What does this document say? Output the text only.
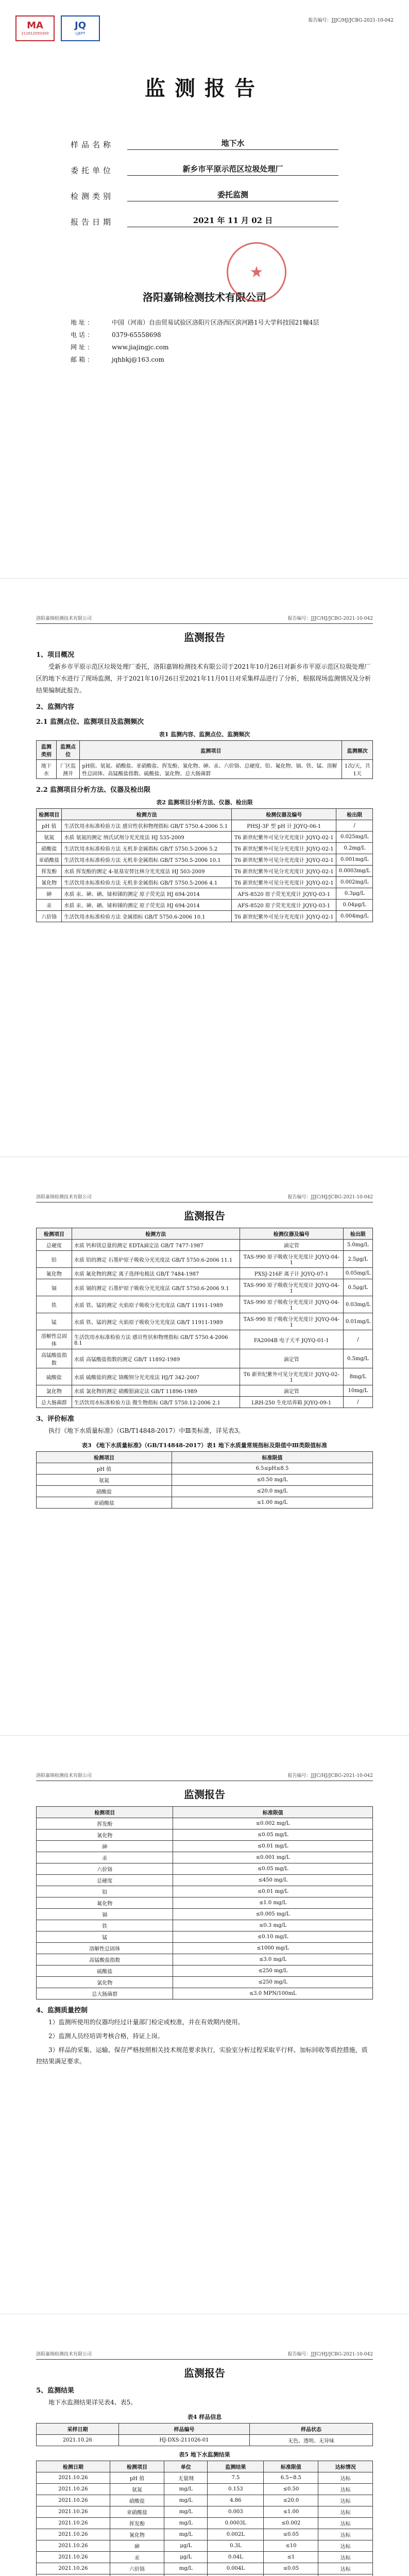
MA
211612050300
JQ
LJEPT
报告编号：JJJC/HJ/JCBG-2021-10-042
监测报告
样品名称	地下水
委托单位	新乡市平原示范区垃圾处理厂
检测类别	委托监测
报告日期	2021 年 11 月 02 日
★
洛阳嘉锦检测技术有限公司
地址：	中国（河南）自由贸易试验区洛阳片区洛西区滨河路1号大学科技园21幢4层
电话：	0379-65558698
网址：	www.jiajingjc.com
邮箱：	jqhbkj@163.com
洛阳嘉锦检测技术有限公司	报告编号：JJJC/HJ/JCBG-2021-10-042
监测报告
1、项目概况
受新乡市平原示范区垃圾处理厂委托，洛阳嘉锦检测技术有限公司于2021年10月26日对新乡市平原示范区垃圾处理厂区的地下水进行了现场监测，并于2021年10月26日至2021年11月01日对采集样品进行了分析，根据现场监测情况及分析结果编制此报告。
2、监测内容
2.1 监测点位、监测项目及监测频次
表1 监测内容、监测点位、监测频次
监测类别	监测点位	监测项目	监测频次
地下水	厂区监测井	pH值、氨氮、硝酸盐、亚硝酸盐、挥发酚、氰化物、砷、汞、六价铬、总硬度、铅、氟化物、镉、铁、锰、溶解性总固体、高锰酸盐指数、硫酸盐、氯化物、总大肠菌群	1次/天，共1天
2.2 监测项目分析方法、仪器及检出限
表2 监测项目分析方法、仪器、检出限
检测项目	检测方法	检测仪器及编号	检出限
pH 值	生活饮用水标准检验方法 感官性状和物理指标 GB/T 5750.4-2006 5.1	PHSJ-3F 型 pH 计 JQYQ-06-1	/
氨氮	水质 氨氮的测定 纳氏试剂分光光度法 HJ 535-2009	T6 新世纪紫外可见分光光度计 JQYQ-02-1	0.025mg/L
硝酸盐	生活饮用水标准检验方法 无机非金属指标 GB/T 5750.5-2006 5.2	T6 新世纪紫外可见分光光度计 JQYQ-02-1	0.2mg/L
亚硝酸盐	生活饮用水标准检验方法 无机非金属指标 GB/T 5750.5-2006 10.1	T6 新世纪紫外可见分光光度计 JQYQ-02-1	0.001mg/L
挥发酚	水质 挥发酚的测定 4-氨基安替比林分光光度法 HJ 503-2009	T6 新世纪紫外可见分光光度计 JQYQ-02-1	0.0003mg/L
氰化物	生活饮用水标准检验方法 无机非金属指标 GB/T 5750.5-2006 4.1	T6 新世纪紫外可见分光光度计 JQYQ-02-1	0.002mg/L
砷	水质 汞、砷、硒、铋和锑的测定 原子荧光法 HJ 694-2014	AFS-8520 原子荧光光度计 JQYQ-03-1	0.3μg/L
汞	水质 汞、砷、硒、铋和锑的测定 原子荧光法 HJ 694-2014	AFS-8520 原子荧光光度计 JQYQ-03-1	0.04μg/L
六价铬	生活饮用水标准检验方法 金属指标 GB/T 5750.6-2006 10.1	T6 新世纪紫外可见分光光度计 JQYQ-02-1	0.004mg/L
洛阳嘉锦检测技术有限公司	报告编号：JJJC/HJ/JCBG-2021-10-042
监测报告
检测项目	检测方法	检测仪器及编号	检出限
总硬度	水质 钙和镁总量的测定 EDTA滴定法 GB/T 7477-1987	滴定管	5.0mg/L
铅	水质 铅的测定 石墨炉原子吸收分光光度法 GB/T 5750.6-2006 11.1	TAS-990 原子吸收分光光度计 JQYQ-04-1	2.5μg/L
氟化物	水质 氟化物的测定 离子选择电极法 GB/T 7484-1987	PXSJ-216F 离子计 JQYQ-07-1	0.05mg/L
镉	水质 镉的测定 石墨炉原子吸收分光光度法 GB/T 5750.6-2006 9.1	TAS-990 原子吸收分光光度计 JQYQ-04-1	0.5μg/L
铁	水质 铁、锰的测定 火焰原子吸收分光光度法 GB/T 11911-1989	TAS-990 原子吸收分光光度计 JQYQ-04-1	0.03mg/L
锰	水质 铁、锰的测定 火焰原子吸收分光光度法 GB/T 11911-1989	TAS-990 原子吸收分光光度计 JQYQ-04-1	0.01mg/L
溶解性总固体	生活饮用水标准检验方法 感官性状和物理指标 GB/T 5750.4-2006 8.1	FA2004B 电子天平 JQYQ-01-1	/
高锰酸盐指数	水质 高锰酸盐指数的测定 GB/T 11892-1989	滴定管	0.5mg/L
硫酸盐	水质 硫酸盐的测定 铬酸钡分光光度法 HJ/T 342-2007	T6 新世纪紫外可见分光光度计 JQYQ-02-1	8mg/L
氯化物	水质 氯化物的测定 硝酸银滴定法 GB/T 11896-1989	滴定管	10mg/L
总大肠菌群	生活饮用水标准检验方法 微生物指标 GB/T 5750.12-2006 2.1	LRH-250 生化培养箱 JQYQ-09-1	/
3、评价标准
执行《地下水质量标准》（GB/T14848-2017）中Ⅲ类标准，详见表3。
表3 《地下水质量标准》（GB/T14848-2017）表1 地下水质量常规指标及限值中Ⅲ类限值标准
检测项目	标准限值
pH 值	6.5≤pH≤8.5
氨氮	≤0.50 mg/L
硝酸盐	≤20.0 mg/L
亚硝酸盐	≤1.00 mg/L
洛阳嘉锦检测技术有限公司	报告编号：JJJC/HJ/JCBG-2021-10-042
监测报告
检测项目	标准限值
挥发酚	≤0.002 mg/L
氰化物	≤0.05 mg/L
砷	≤0.01 mg/L
汞	≤0.001 mg/L
六价铬	≤0.05 mg/L
总硬度	≤450 mg/L
铅	≤0.01 mg/L
氟化物	≤1.0 mg/L
镉	≤0.005 mg/L
铁	≤0.3 mg/L
锰	≤0.10 mg/L
溶解性总固体	≤1000 mg/L
高锰酸盐指数	≤3.0 mg/L
硫酸盐	≤250 mg/L
氯化物	≤250 mg/L
总大肠菌群	≤3.0 MPN/100mL
4、监测质量控制
1）监测所使用的仪器均经过计量部门检定或校准，并在有效期内使用。
2）监测人员经培训考核合格，持证上岗。
3）样品的采集、运输、保存严格按照相关技术规范要求执行，实验室分析过程采取平行样、加标回收等质控措施，质控结果满足要求。
洛阳嘉锦检测技术有限公司	报告编号：JJJC/HJ/JCBG-2021-10-042
监测报告
5、监测结果
地下水监测结果详见表4、表5。
表4 样品信息
采样日期	样品编号	样品状态
2021.10.26	HJ-DXS-211026-01	无色、透明、无异味
表5 地下水监测结果
检测日期	检测项目	单位	监测结果	标准限值	达标情况
2021.10.26	pH 值	无量纲	7.5	6.5~8.5	达标
2021.10.26	氨氮	mg/L	0.153	≤0.50	达标
2021.10.26	硝酸盐	mg/L	4.86	≤20.0	达标
2021.10.26	亚硝酸盐	mg/L	0.003	≤1.00	达标
2021.10.26	挥发酚	mg/L	0.0003L	≤0.002	达标
2021.10.26	氰化物	mg/L	0.002L	≤0.05	达标
2021.10.26	砷	μg/L	0.3L	≤10	达标
2021.10.26	汞	μg/L	0.04L	≤1	达标
2021.10.26	六价铬	mg/L	0.004L	≤0.05	达标
